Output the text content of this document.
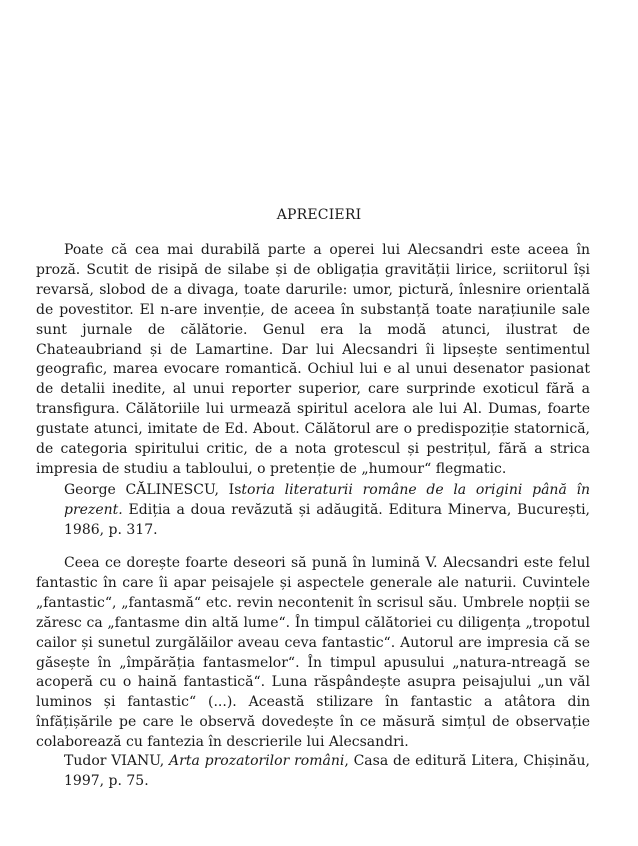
APRECIERI

Poate că cea mai durabilă parte a operei lui Alecsandri este aceea în proză. Scutit de risipă de silabe și de obligația gravității lirice, scriitorul își revarsă, slobod de a divaga, toate darurile: umor, pictură, înlesnire orientală de povestitor. El n-are invenție, de aceea în substanță toate narațiunile sale sunt jurnale de călătorie. Genul era la modă atunci, ilustrat de Chateaubriand și de Lamartine. Dar lui Alecsandri îi lipsește sentimentul geografic, marea evocare romantică. Ochiul lui e al unui desenator pasionat de detalii inedite, al unui reporter superior, care surprinde exoticul fără a transfigura. Călătoriile lui urmează spiritul acelora ale lui Al. Dumas, foarte gustate atunci, imitate de Ed. About. Călătorul are o predispoziție statornică, de categoria spiritului critic, de a nota grotescul și pestrițul, fără a strica impresia de studiu a tabloului, o pretenție de „humour“ flegmatic.

George CĂLINESCU, Istoria literaturii române de la origini până în prezent. Ediția a doua revăzută și adăugită. Editura Minerva, București, 1986, p. 317.

Ceea ce dorește foarte deseori să pună în lumină V. Alecsandri este felul fantastic în care îi apar peisajele și aspectele generale ale naturii. Cuvintele „fantastic“, „fantasmă“ etc. revin necontenit în scrisul său. Umbrele nopții se zăresc ca „fantasme din altă lume“. În timpul călătoriei cu diligența „tropotul cailor și sunetul zurgălăilor aveau ceva fantastic“. Autorul are impresia că se găsește în „împărăția fantasmelor“. În timpul apusului „natura-ntreagă se acoperă cu o haină fantastică“. Luna răspândește asupra peisajului „un văl luminos și fantastic“ (...). Această stilizare în fantastic a atâtora din înfățișările pe care le observă dovedește în ce măsură simțul de observație colaborează cu fantezia în descrierile lui Alecsandri.

Tudor VIANU, Arta prozatorilor români, Casa de editură Litera, Chișinău, 1997, p. 75.
